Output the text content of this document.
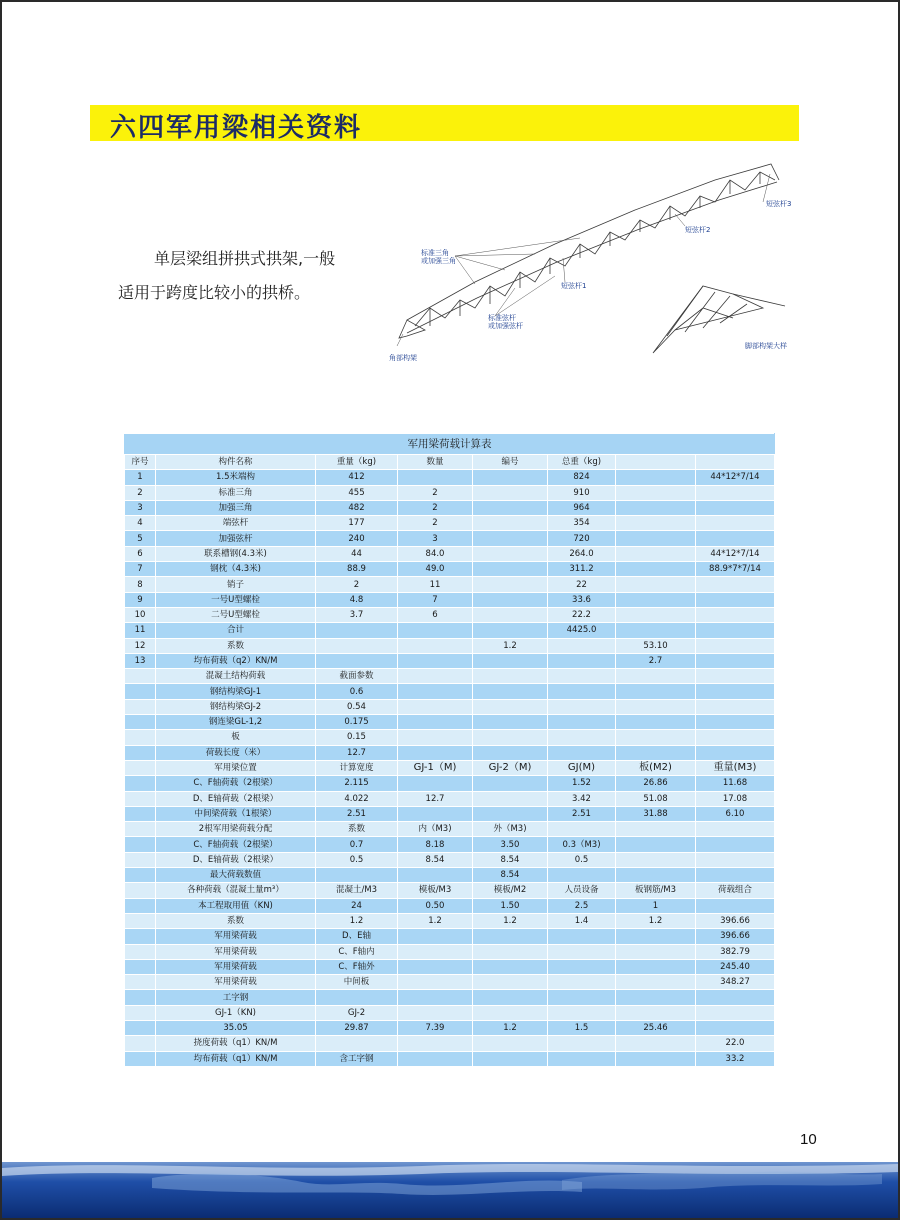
六四军用梁相关资料
单层梁组拼拱式拱架,一般
适用于跨度比较小的拱桥。
标准三角
或加强三角
标准弦杆
或加强弦杆
短弦杆1
短弦杆2
短弦杆3
角部构架
脚部构架大样
军用梁荷载计算表							
序号	构件名称	重量（kg)	数量	编号	总重（kg)		
1	1.5米端构	412			824		44*12*7/14
2	标准三角	455	2		910		
3	加强三角	482	2		964		
4	端弦杆	177	2		354		
5	加强弦杆	240	3		720		
6	联系槽钢(4.3米)	44	84.0		264.0		44*12*7/14
7	钢枕（4.3米)	88.9	49.0		311.2		88.9*7*7/14
8	销子	2	11		22		
9	一号U型螺栓	4.8	7		33.6		
10	二号U型螺栓	3.7	6		22.2		
11	合计				4425.0		
12	系数			1.2		53.10	
13	均布荷载（q2）KN/M					2.7	
	混凝土结构荷载	截面参数					
	钢结构梁GJ-1	0.6					
	钢结构梁GJ-2	0.54					
	钢连梁GL-1,2	0.175					
	板	0.15					
	荷载长度（米）	12.7					
	军用梁位置	计算宽度	GJ-1（M)	GJ-2（M)	GJ(M)	板(M2)	重量(M3)
	C、F轴荷载（2根梁）	2.115			1.52	26.86	11.68
	D、E轴荷载（2根梁）	4.022	12.7		3.42	51.08	17.08
	中间梁荷载（1根梁）	2.51			2.51	31.88	6.10
	2根军用梁荷载分配	系数	内（M3)	外（M3)			
	C、F轴荷载（2根梁）	0.7	8.18	3.50	0.3（M3)		
	D、E轴荷载（2根梁）	0.5	8.54	8.54	0.5		
	最大荷载数值			8.54			
	各种荷载（混凝土量m³）	混凝土/M3	模板/M3	模板/M2	人员设备	板钢筋/M3	荷载组合
	本工程取用值（KN)	24	0.50	1.50	2.5	1	
	系数	1.2	1.2	1.2	1.4	1.2	396.66
	军用梁荷载	D、E轴					396.66
	军用梁荷载	C、F轴内					382.79
	军用梁荷载	C、F轴外					245.40
	军用梁荷载	中间板					348.27
	工字钢						
	GJ-1（KN)	GJ-2					
	35.05	29.87	7.39	1.2	1.5	25.46	
	挠度荷载（q1）KN/M						22.0
	均布荷载（q1）KN/M	含工字钢					33.2
10
